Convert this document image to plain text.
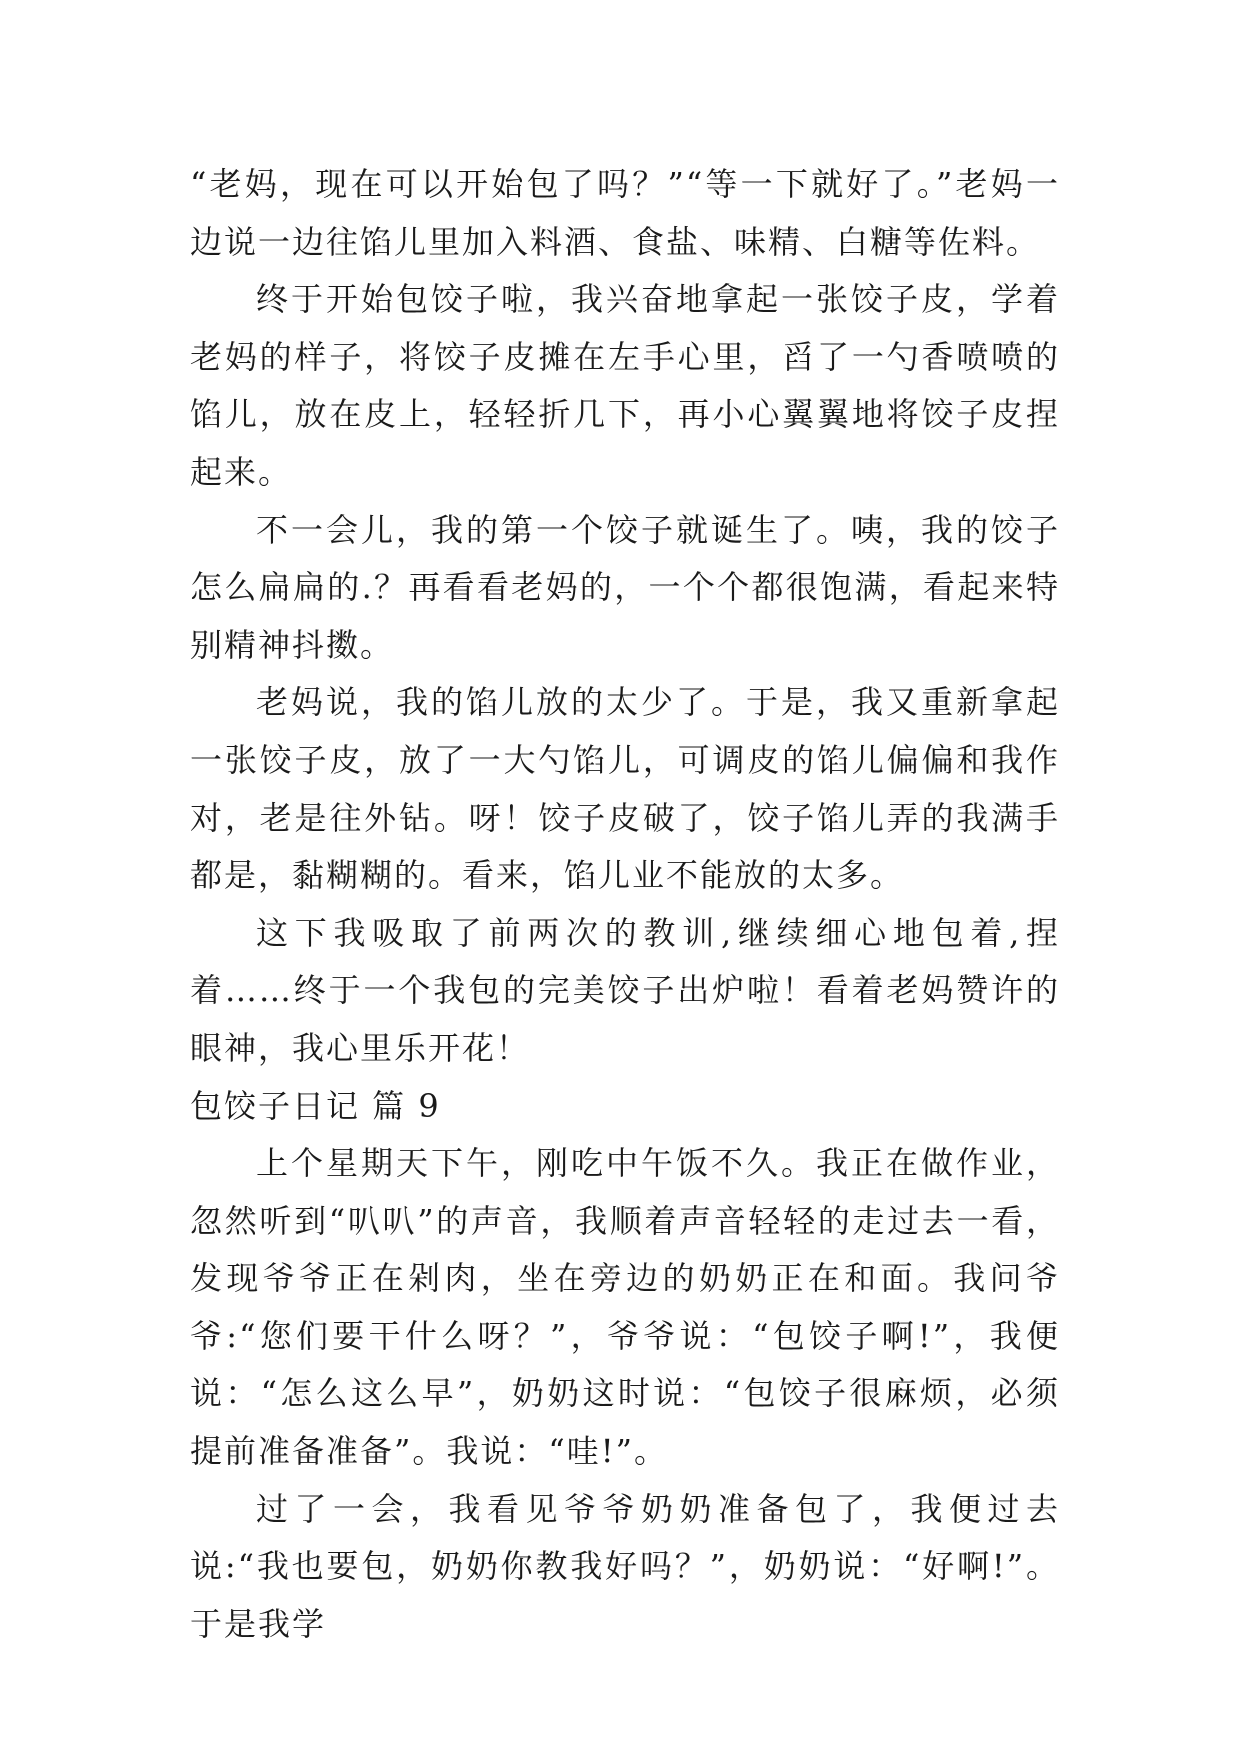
“老妈，现在可以开始包了吗？”“等一下就好了。”老妈一边说一边往馅儿里加入料酒、食盐、味精、白糖等佐料。

终于开始包饺子啦，我兴奋地拿起一张饺子皮，学着老妈的样子，将饺子皮摊在左手心里，舀了一勺香喷喷的馅儿，放在皮上，轻轻折几下，再小心翼翼地将饺子皮捏起来。

不一会儿，我的第一个饺子就诞生了。咦，我的饺子怎么扁扁的.？再看看老妈的，一个个都很饱满，看起来特别精神抖擞。

老妈说，我的馅儿放的太少了。于是，我又重新拿起一张饺子皮，放了一大勺馅儿，可调皮的馅儿偏偏和我作对，老是往外钻。呀！饺子皮破了，饺子馅儿弄的我满手都是，黏糊糊的。看来，馅儿业不能放的太多。

这下我吸取了前两次的教训,继续细心地包着,捏着……终于一个我包的完美饺子出炉啦！看着老妈赞许的眼神，我心里乐开花！

包饺子日记 篇 9

上个星期天下午，刚吃中午饭不久。我正在做作业，忽然听到“叭叭”的声音，我顺着声音轻轻的走过去一看，发现爷爷正在剁肉，坐在旁边的奶奶正在和面。我问爷爷:“您们要干什么呀？”，爷爷说：“包饺子啊!”，我便说：“怎么这么早”，奶奶这时说：“包饺子很麻烦，必须提前准备准备”。我说：“哇!”。

过了一会，我看见爷爷奶奶准备包了，我便过去说:“我也要包，奶奶你教我好吗？”，奶奶说：“好啊!”。于是我学
